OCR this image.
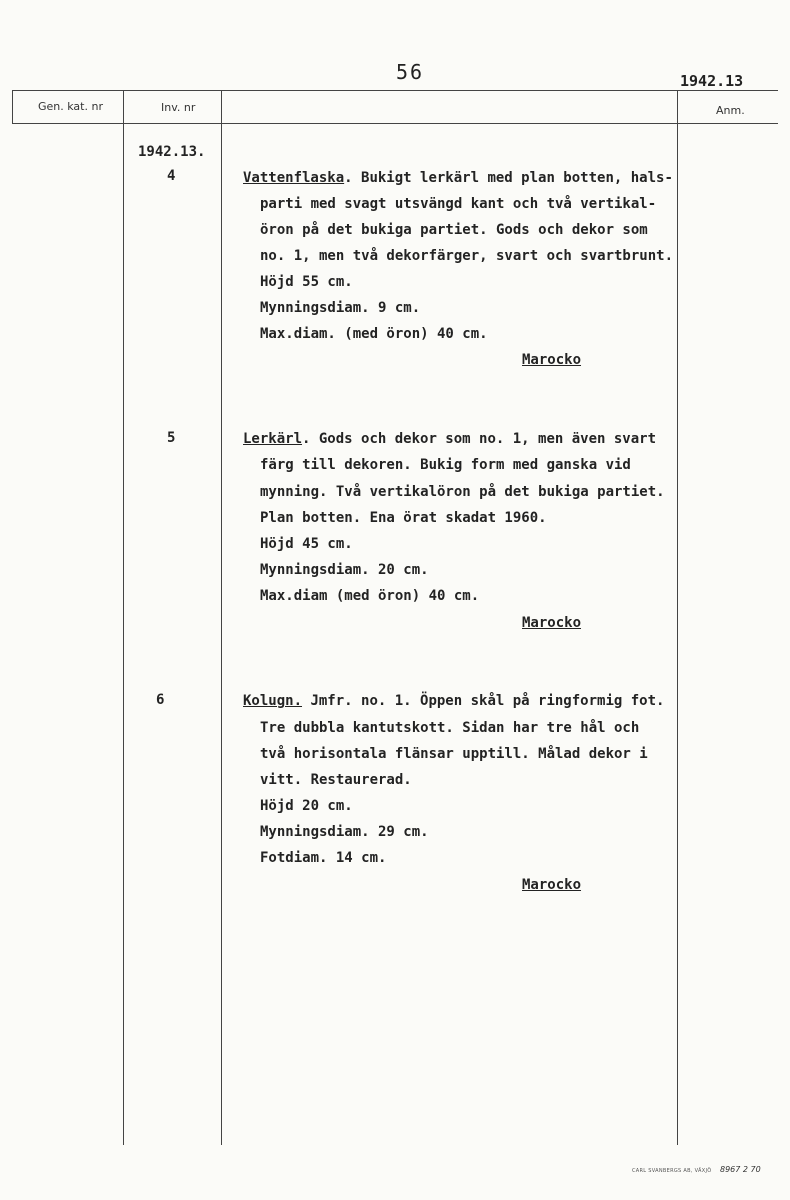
56	1942.13
Gen. kat. nr	Inv. nr	Anm.
1942.13.
4	Vattenflaska. Bukigt lerkärl med plan botten, hals-
parti med svagt utsvängd kant och två vertikal-
öron på det bukiga partiet. Gods och dekor som
no. 1, men två dekorfärger, svart och svartbrunt.
Höjd 55 cm.
Mynningsdiam. 9 cm.
Max.diam. (med öron) 40 cm.
Marocko
5	Lerkärl. Gods och dekor som no. 1, men även svart
färg till dekoren. Bukig form med ganska vid
mynning. Två vertikalöron på det bukiga partiet.
Plan botten. Ena örat skadat 1960.
Höjd 45 cm.
Mynningsdiam. 20 cm.
Max.diam (med öron) 40 cm.
Marocko
6	Kolugn. Jmfr. no. 1. Öppen skål på ringformig fot.
Tre dubbla kantutskott. Sidan har tre hål och
två horisontala flänsar upptill. Målad dekor i
vitt. Restaurerad.
Höjd 20 cm.
Mynningsdiam. 29 cm.
Fotdiam. 14 cm.
Marocko
CARL SVANBERGS AB, VÄXJÖ 8967 2 70
